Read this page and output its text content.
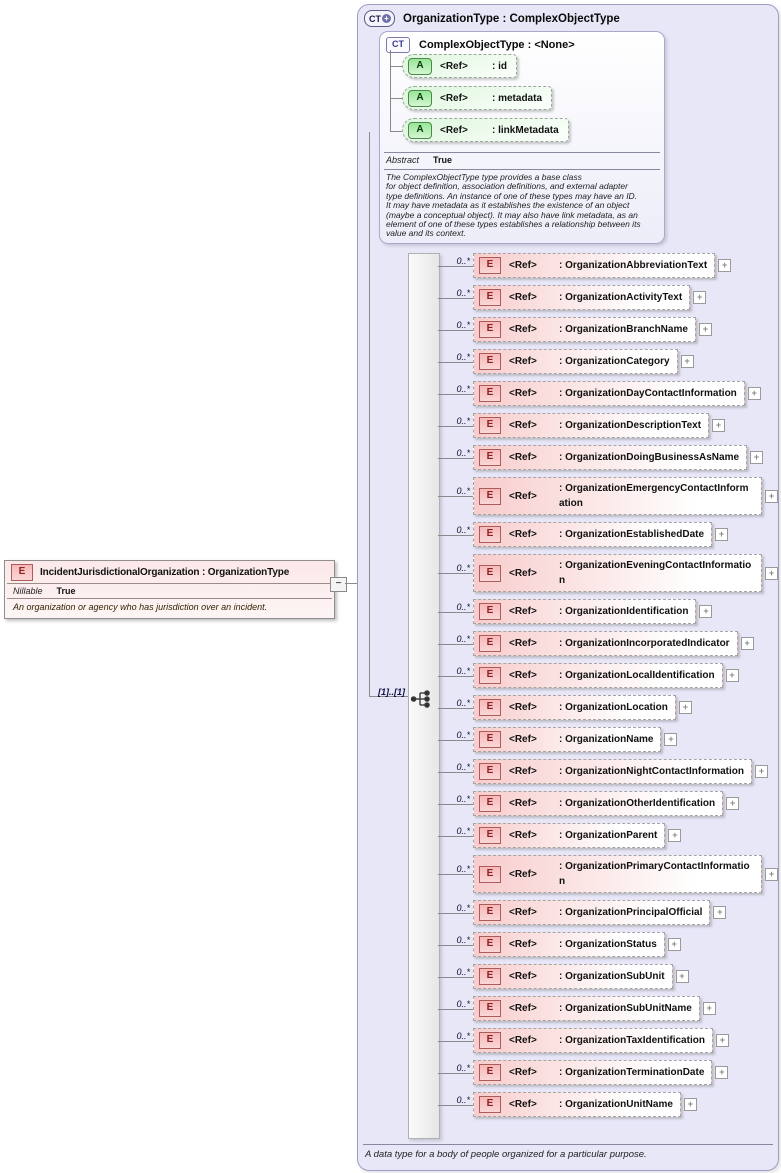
E	IncidentJurisdictionalOrganization : OrganizationType
Nillable True
An organization or agency who has jurisdiction over an incident.
−
CT + OrganizationType : ComplexObjectType
CT	ComplexObjectType : <None>
A	<Ref>	: id
A	<Ref>	: metadata
A	<Ref>	: linkMetadata
Abstract True
The ComplexObjectType type provides a base class
for object definition, association definitions, and external adapter
type definitions. An instance of one of these types may have an ID.
It may have metadata as it establishes the existence of an object
(maybe a conceptual object). It may also have link metadata, as an
element of one of these types establishes a relationship between its
value and its context.
[1]..[1]
0..*	E	<Ref>	: OrganizationAbbreviationText	+
0..*	E	<Ref>	: OrganizationActivityText	+
0..*	E	<Ref>	: OrganizationBranchName	+
0..*	E	<Ref>	: OrganizationCategory	+
0..*	E	<Ref>	: OrganizationDayContactInformation	+
0..*	E	<Ref>	: OrganizationDescriptionText	+
0..*	E	<Ref>	: OrganizationDoingBusinessAsName	+
0..*	E	<Ref>
: OrganizationEmergencyContactInformation
+
0..*	E	<Ref>	: OrganizationEstablishedDate	+
0..*	E	<Ref>
: OrganizationEveningContactInformation
+
0..*	E	<Ref>	: OrganizationIdentification	+
0..*	E	<Ref>	: OrganizationIncorporatedIndicator	+
0..*	E	<Ref>	: OrganizationLocalIdentification	+
0..*	E	<Ref>	: OrganizationLocation	+
0..*	E	<Ref>	: OrganizationName	+
0..*	E	<Ref>	: OrganizationNightContactInformation	+
0..*	E	<Ref>	: OrganizationOtherIdentification	+
0..*	E	<Ref>	: OrganizationParent	+
0..*	E	<Ref>
: OrganizationPrimaryContactInformation
+
0..*	E	<Ref>	: OrganizationPrincipalOfficial	+
0..*	E	<Ref>	: OrganizationStatus	+
0..*	E	<Ref>	: OrganizationSubUnit	+
0..*	E	<Ref>	: OrganizationSubUnitName	+
0..*	E	<Ref>	: OrganizationTaxIdentification	+
0..*	E	<Ref>	: OrganizationTerminationDate	+
0..*	E	<Ref>	: OrganizationUnitName	+
A data type for a body of people organized for a particular purpose.
